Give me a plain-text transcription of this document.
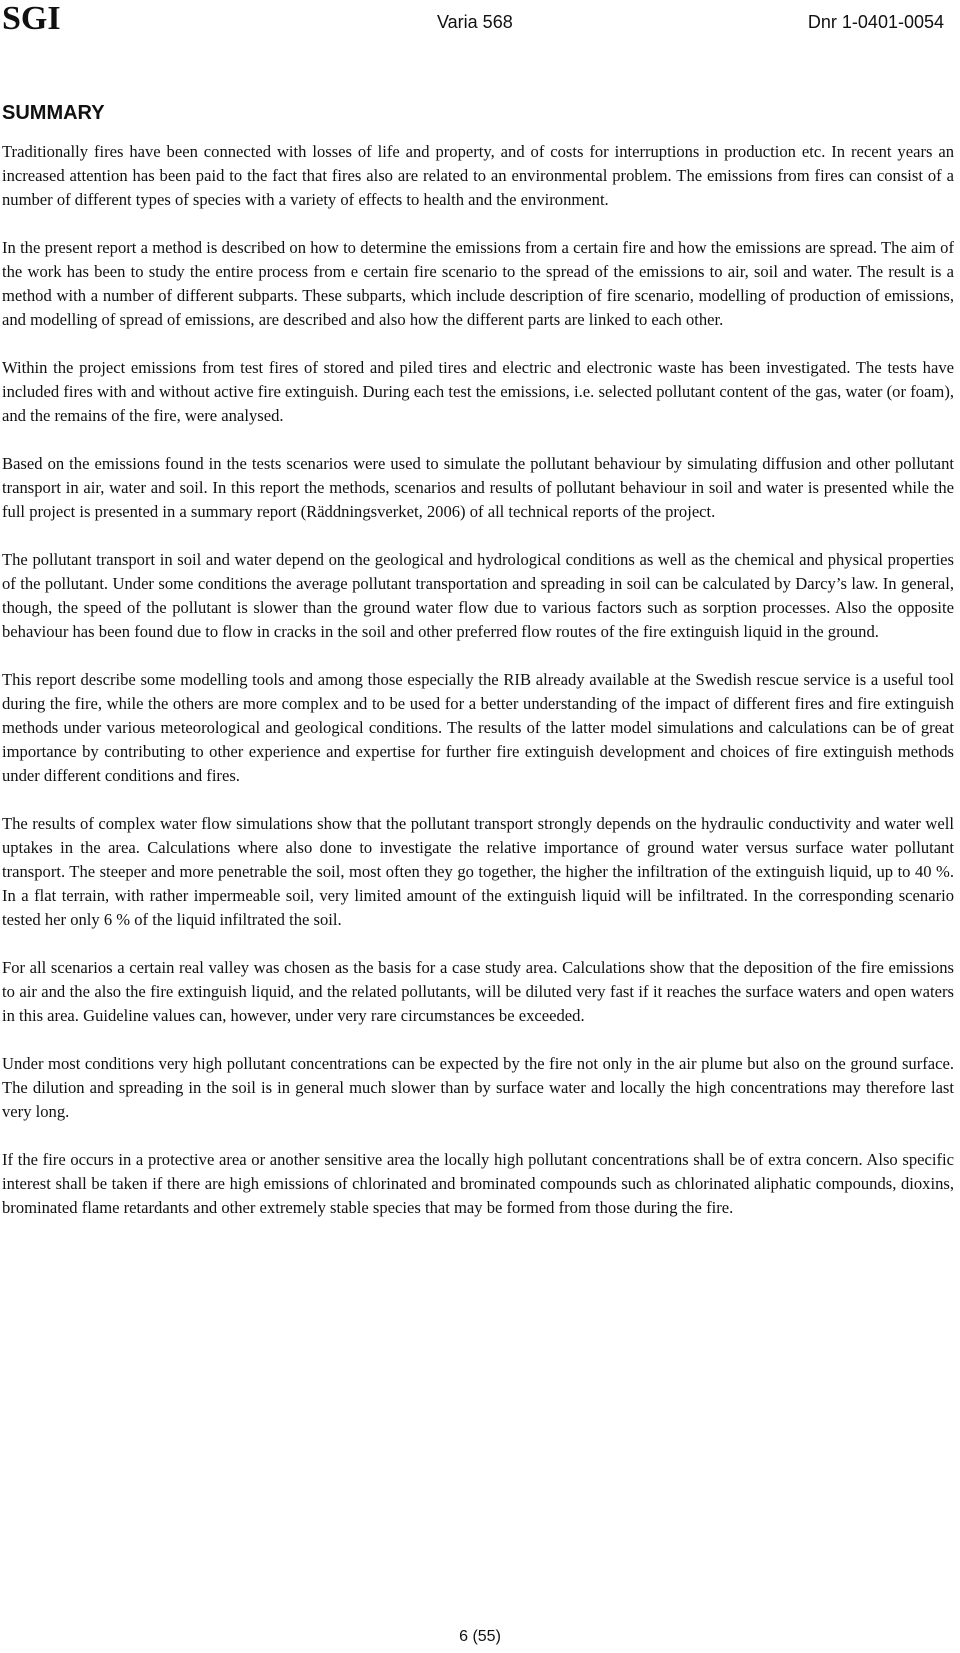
SGI	Varia 568	Dnr 1-0401-0054
SUMMARY

Traditionally fires have been connected with losses of life and property, and of costs for interruptions in production etc. In recent years an increased attention has been paid to the fact that fires also are related to an environmental problem. The emissions from fires can consist of a number of different types of species with a variety of effects to health and the environment.

In the present report a method is described on how to determine the emissions from a certain fire and how the emissions are spread. The aim of the work has been to study the entire process from e certain fire scenario to the spread of the emissions to air, soil and water. The result is a method with a number of different subparts. These subparts, which include description of fire scenario, modelling of production of emissions, and modelling of spread of emissions, are described and also how the different parts are linked to each other.

Within the project emissions from test fires of stored and piled tires and electric and electronic waste has been investigated. The tests have included fires with and without active fire extinguish. During each test the emissions, i.e. selected pollutant content of the gas, water (or foam), and the remains of the fire, were analysed.

Based on the emissions found in the tests scenarios were used to simulate the pollutant behaviour by simulating diffusion and other pollutant transport in air, water and soil. In this report the methods, scenarios and results of pollutant behaviour in soil and water is presented while the full project is presented in a summary report (Räddningsverket, 2006) of all technical reports of the project.

The pollutant transport in soil and water depend on the geological and hydrological conditions as well as the chemical and physical properties of the pollutant. Under some conditions the average pollutant transportation and spreading in soil can be calculated by Darcy’s law. In general, though, the speed of the pollutant is slower than the ground water flow due to various factors such as sorption processes. Also the opposite behaviour has been found due to flow in cracks in the soil and other preferred flow routes of the fire extinguish liquid in the ground.

This report describe some modelling tools and among those especially the RIB already available at the Swedish rescue service is a useful tool during the fire, while the others are more complex and to be used for a better understanding of the impact of different fires and fire extinguish methods under various meteorological and geological conditions. The results of the latter model simulations and calculations can be of great importance by contributing to other experience and expertise for further fire extinguish development and choices of fire extinguish methods under different conditions and fires.

The results of complex water flow simulations show that the pollutant transport strongly depends on the hydraulic conductivity and water well uptakes in the area. Calculations where also done to investigate the relative importance of ground water versus surface water pollutant transport. The steeper and more penetrable the soil, most often they go together, the higher the infiltration of the extinguish liquid, up to 40 %. In a flat terrain, with rather impermeable soil, very limited amount of the extinguish liquid will be infiltrated. In the corresponding scenario tested her only 6 % of the liquid infiltrated the soil.

For all scenarios a certain real valley was chosen as the basis for a case study area. Calculations show that the deposition of the fire emissions to air and the also the fire extinguish liquid, and the related pollutants, will be diluted very fast if it reaches the surface waters and open waters in this area. Guideline values can, however, under very rare circumstances be exceeded.

Under most conditions very high pollutant concentrations can be expected by the fire not only in the air plume but also on the ground surface. The dilution and spreading in the soil is in general much slower than by surface water and locally the high concentrations may therefore last very long.

If the fire occurs in a protective area or another sensitive area the locally high pollutant concentrations shall be of extra concern. Also specific interest shall be taken if there are high emissions of chlorinated and brominated compounds such as chlorinated aliphatic compounds, dioxins, brominated flame retardants and other extremely stable species that may be formed from those during the fire.

6 (55)
